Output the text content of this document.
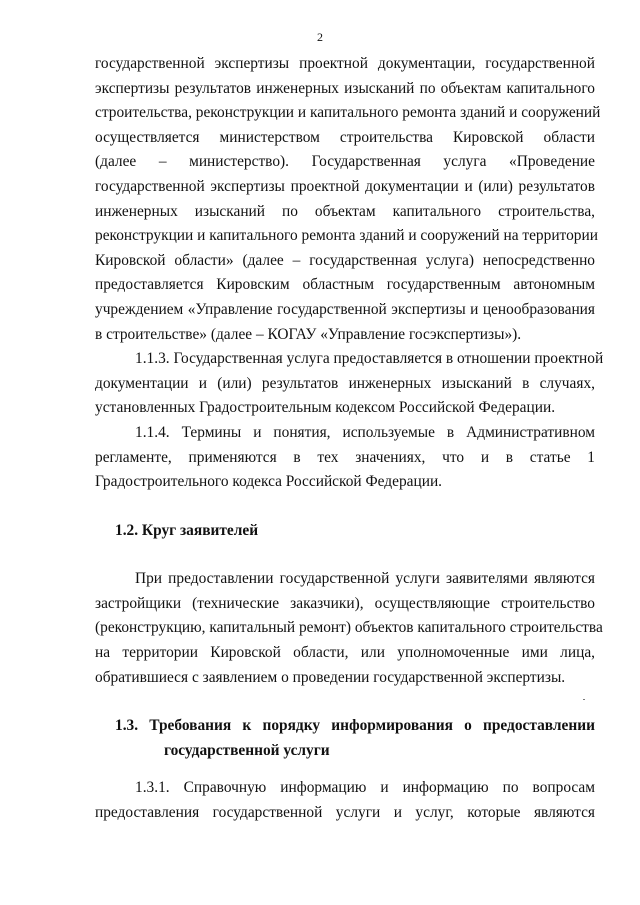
2
государственной экспертизы проектной документации, государственной
экспертизы результатов инженерных изысканий по объектам капитального
строительства, реконструкции и капитального ремонта зданий и сооружений
осуществляется министерством строительства Кировской области
(далее – министерство). Государственная услуга «Проведение
государственной экспертизы проектной документации и (или) результатов
инженерных изысканий по объектам капитального строительства,
реконструкции и капитального ремонта зданий и сооружений на территории
Кировской области» (далее – государственная услуга) непосредственно
предоставляется Кировским областным государственным автономным
учреждением «Управление государственной экспертизы и ценообразования
в строительстве» (далее – КОГАУ «Управление госэкспертизы»).
1.1.3. Государственная услуга предоставляется в отношении проектной
документации и (или) результатов инженерных изысканий в случаях,
установленных Градостроительным кодексом Российской Федерации.
1.1.4. Термины и понятия, используемые в Административном
регламенте, применяются в тех значениях, что и в статье 1
Градостроительного кодекса Российской Федерации.
1.2. Круг заявителей
При предоставлении государственной услуги заявителями являются
застройщики (технические заказчики), осуществляющие строительство
(реконструкцию, капитальный ремонт) объектов капитального строительства
на территории Кировской области, или уполномоченные ими лица,
обратившиеся с заявлением о проведении государственной экспертизы.
1.3. Требования к порядку информирования о предоставлении
государственной услуги
1.3.1. Справочную информацию и информацию по вопросам
предоставления государственной услуги и услуг, которые являются
